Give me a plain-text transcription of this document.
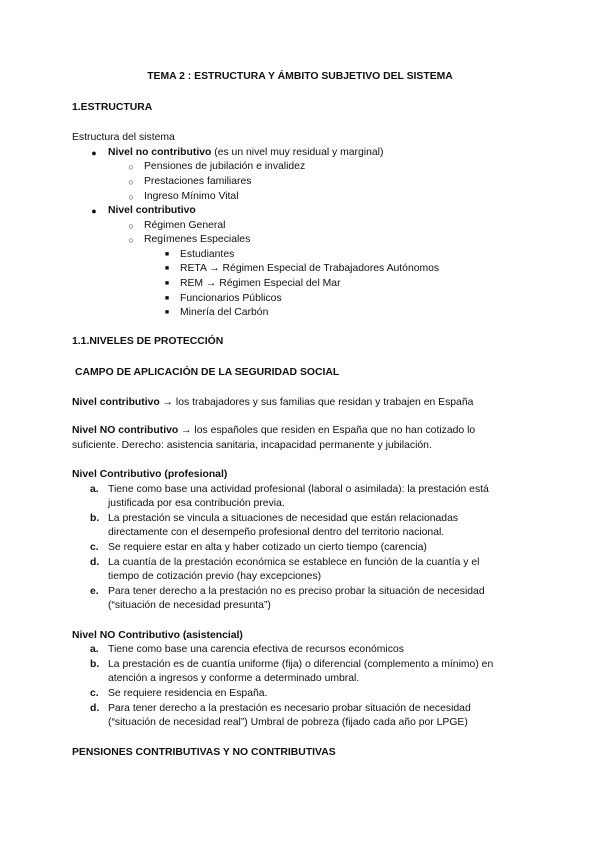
TEMA 2 : ESTRUCTURA Y ÁMBITO SUBJETIVO DEL SISTEMA
1.ESTRUCTURA
Estructura del sistema
● Nivel no contributivo (es un nivel muy residual y marginal)
○ Pensiones de jubilación e invalidez
○ Prestaciones familiares
○ Ingreso Mínimo Vital
● Nivel contributivo
○ Régimen General
○ Regímenes Especiales
■ Estudiantes
■ RETA → Régimen Especial de Trabajadores Autónomos
■ REM → Régimen Especial del Mar
■ Funcionarios Públicos
■ Minería del Carbón
1.1.NIVELES DE PROTECCIÓN
CAMPO DE APLICACIÓN DE LA SEGURIDAD SOCIAL
Nivel contributivo → los trabajadores y sus familias que residan y trabajen en España
Nivel NO contributivo → los españoles que residen en España que no han cotizado lo
suficiente. Derecho: asistencia sanitaria, incapacidad permanente y jubilación.
Nivel Contributivo (profesional)
a. Tiene como base una actividad profesional (laboral o asimilada): la prestación está
justificada por esa contribución previa.
b. La prestación se vincula a situaciones de necesidad que están relacionadas
directamente con el desempeño profesional dentro del territorio nacional.
c. Se requiere estar en alta y haber cotizado un cierto tiempo (carencia)
d. La cuantía de la prestación económica se establece en función de la cuantía y el
tiempo de cotización previo (hay excepciones)
e. Para tener derecho a la prestación no es preciso probar la situación de necesidad
(“situación de necesidad presunta”)
Nivel NO Contributivo (asistencial)
a. Tiene como base una carencia efectiva de recursos económicos
b. La prestación es de cuantía uniforme (fija) o diferencial (complemento a mínimo) en
atención a ingresos y conforme a determinado umbral.
c. Se requiere residencia en España.
d. Para tener derecho a la prestación es necesario probar situación de necesidad
(“situación de necesidad real”) Umbral de pobreza (fijado cada año por LPGE)
PENSIONES CONTRIBUTIVAS Y NO CONTRIBUTIVAS
